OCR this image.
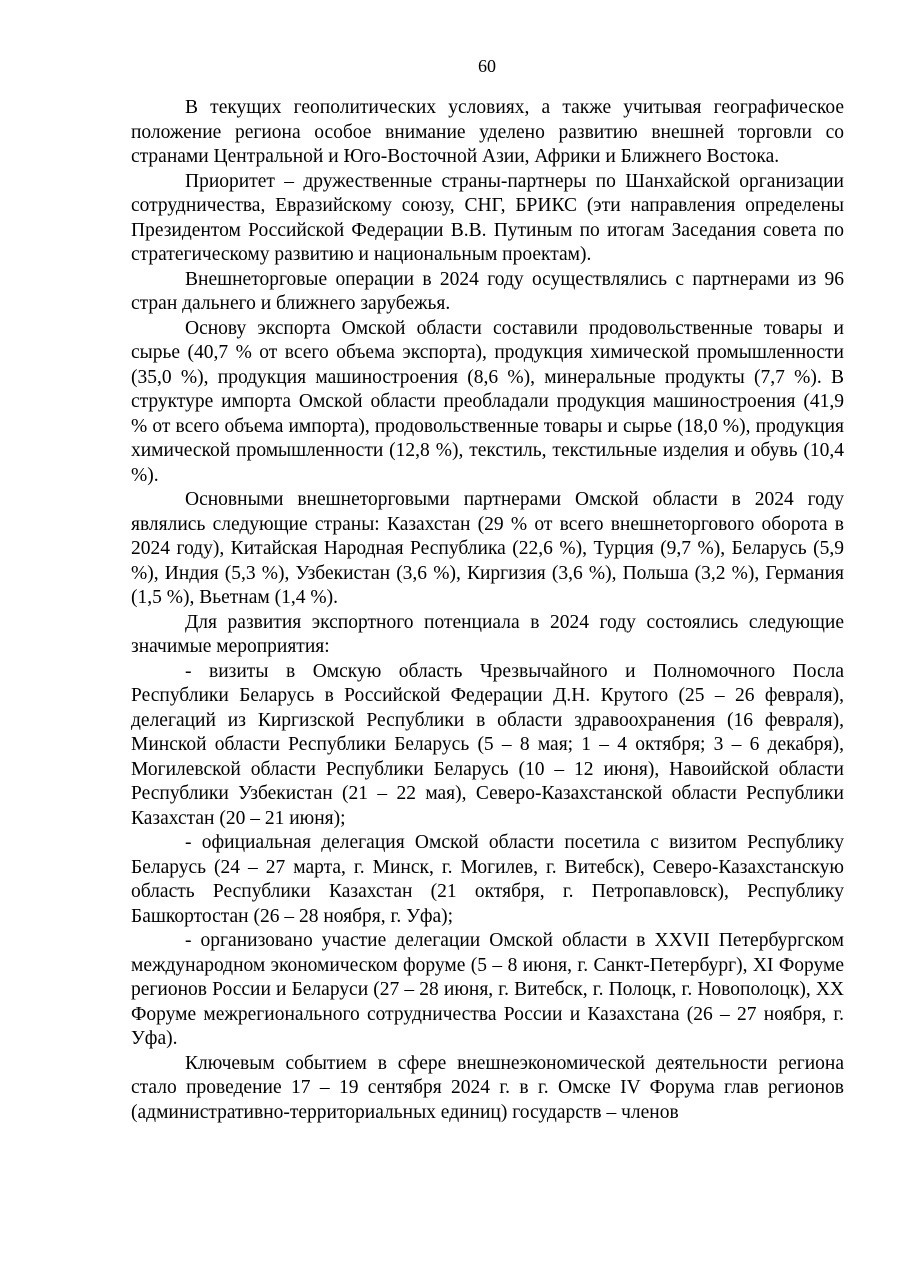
60

В текущих геополитических условиях, а также учитывая географическое положение региона особое внимание уделено развитию внешней торговли со странами Центральной и Юго-Восточной Азии, Африки и Ближнего Востока.

Приоритет – дружественные страны-партнеры по Шанхайской организации сотрудничества, Евразийскому союзу, СНГ, БРИКС (эти направления определены Президентом Российской Федерации В.В. Путиным по итогам Заседания совета по стратегическому развитию и национальным проектам).

Внешнеторговые операции в 2024 году осуществлялись с партнерами из 96 стран дальнего и ближнего зарубежья.

Основу экспорта Омской области составили продовольственные товары и сырье (40,7 % от всего объема экспорта), продукция химической промышленности (35,0 %), продукция машиностроения (8,6 %), минеральные продукты (7,7 %). В структуре импорта Омской области преобладали продукция машиностроения (41,9 % от всего объема импорта), продовольственные товары и сырье (18,0 %), продукция химической промышленности (12,8 %), текстиль, текстильные изделия и обувь (10,4 %).

Основными внешнеторговыми партнерами Омской области в 2024 году являлись следующие страны: Казахстан (29 % от всего внешнеторгового оборота в 2024 году), Китайская Народная Республика (22,6 %), Турция (9,7 %), Беларусь (5,9 %), Индия (5,3 %), Узбекистан (3,6 %), Киргизия (3,6 %), Польша (3,2 %), Германия (1,5 %), Вьетнам (1,4 %).

Для развития экспортного потенциала в 2024 году состоялись следующие значимые мероприятия:

- визиты в Омскую область Чрезвычайного и Полномочного Посла Республики Беларусь в Российской Федерации Д.Н. Крутого (25 – 26 февраля), делегаций из Киргизской Республики в области здравоохранения (16 февраля), Минской области Республики Беларусь (5 – 8 мая; 1 – 4 октября; 3 – 6 декабря), Могилевской области Республики Беларусь (10 – 12 июня), Навоийской области Республики Узбекистан (21 – 22 мая), Северо-Казахстанской области Республики Казахстан (20 – 21 июня);

- официальная делегация Омской области посетила с визитом Республику Беларусь (24 – 27 марта, г. Минск, г. Могилев, г. Витебск), Северо-Казахстанскую область Республики Казахстан (21 октября, г. Петропавловск), Республику Башкортостан (26 – 28 ноября, г. Уфа);

- организовано участие делегации Омской области в XXVII Петербургском международном экономическом форуме (5 – 8 июня, г. Санкт-Петербург), XI Форуме регионов России и Беларуси (27 – 28 июня, г. Витебск, г. Полоцк, г. Новополоцк), XX Форуме межрегионального сотрудничества России и Казахстана (26 – 27 ноября, г. Уфа).

Ключевым событием в сфере внешнеэкономической деятельности региона стало проведение 17 – 19 сентября 2024 г. в г. Омске IV Форума глав регионов (административно-территориальных единиц) государств – членов
